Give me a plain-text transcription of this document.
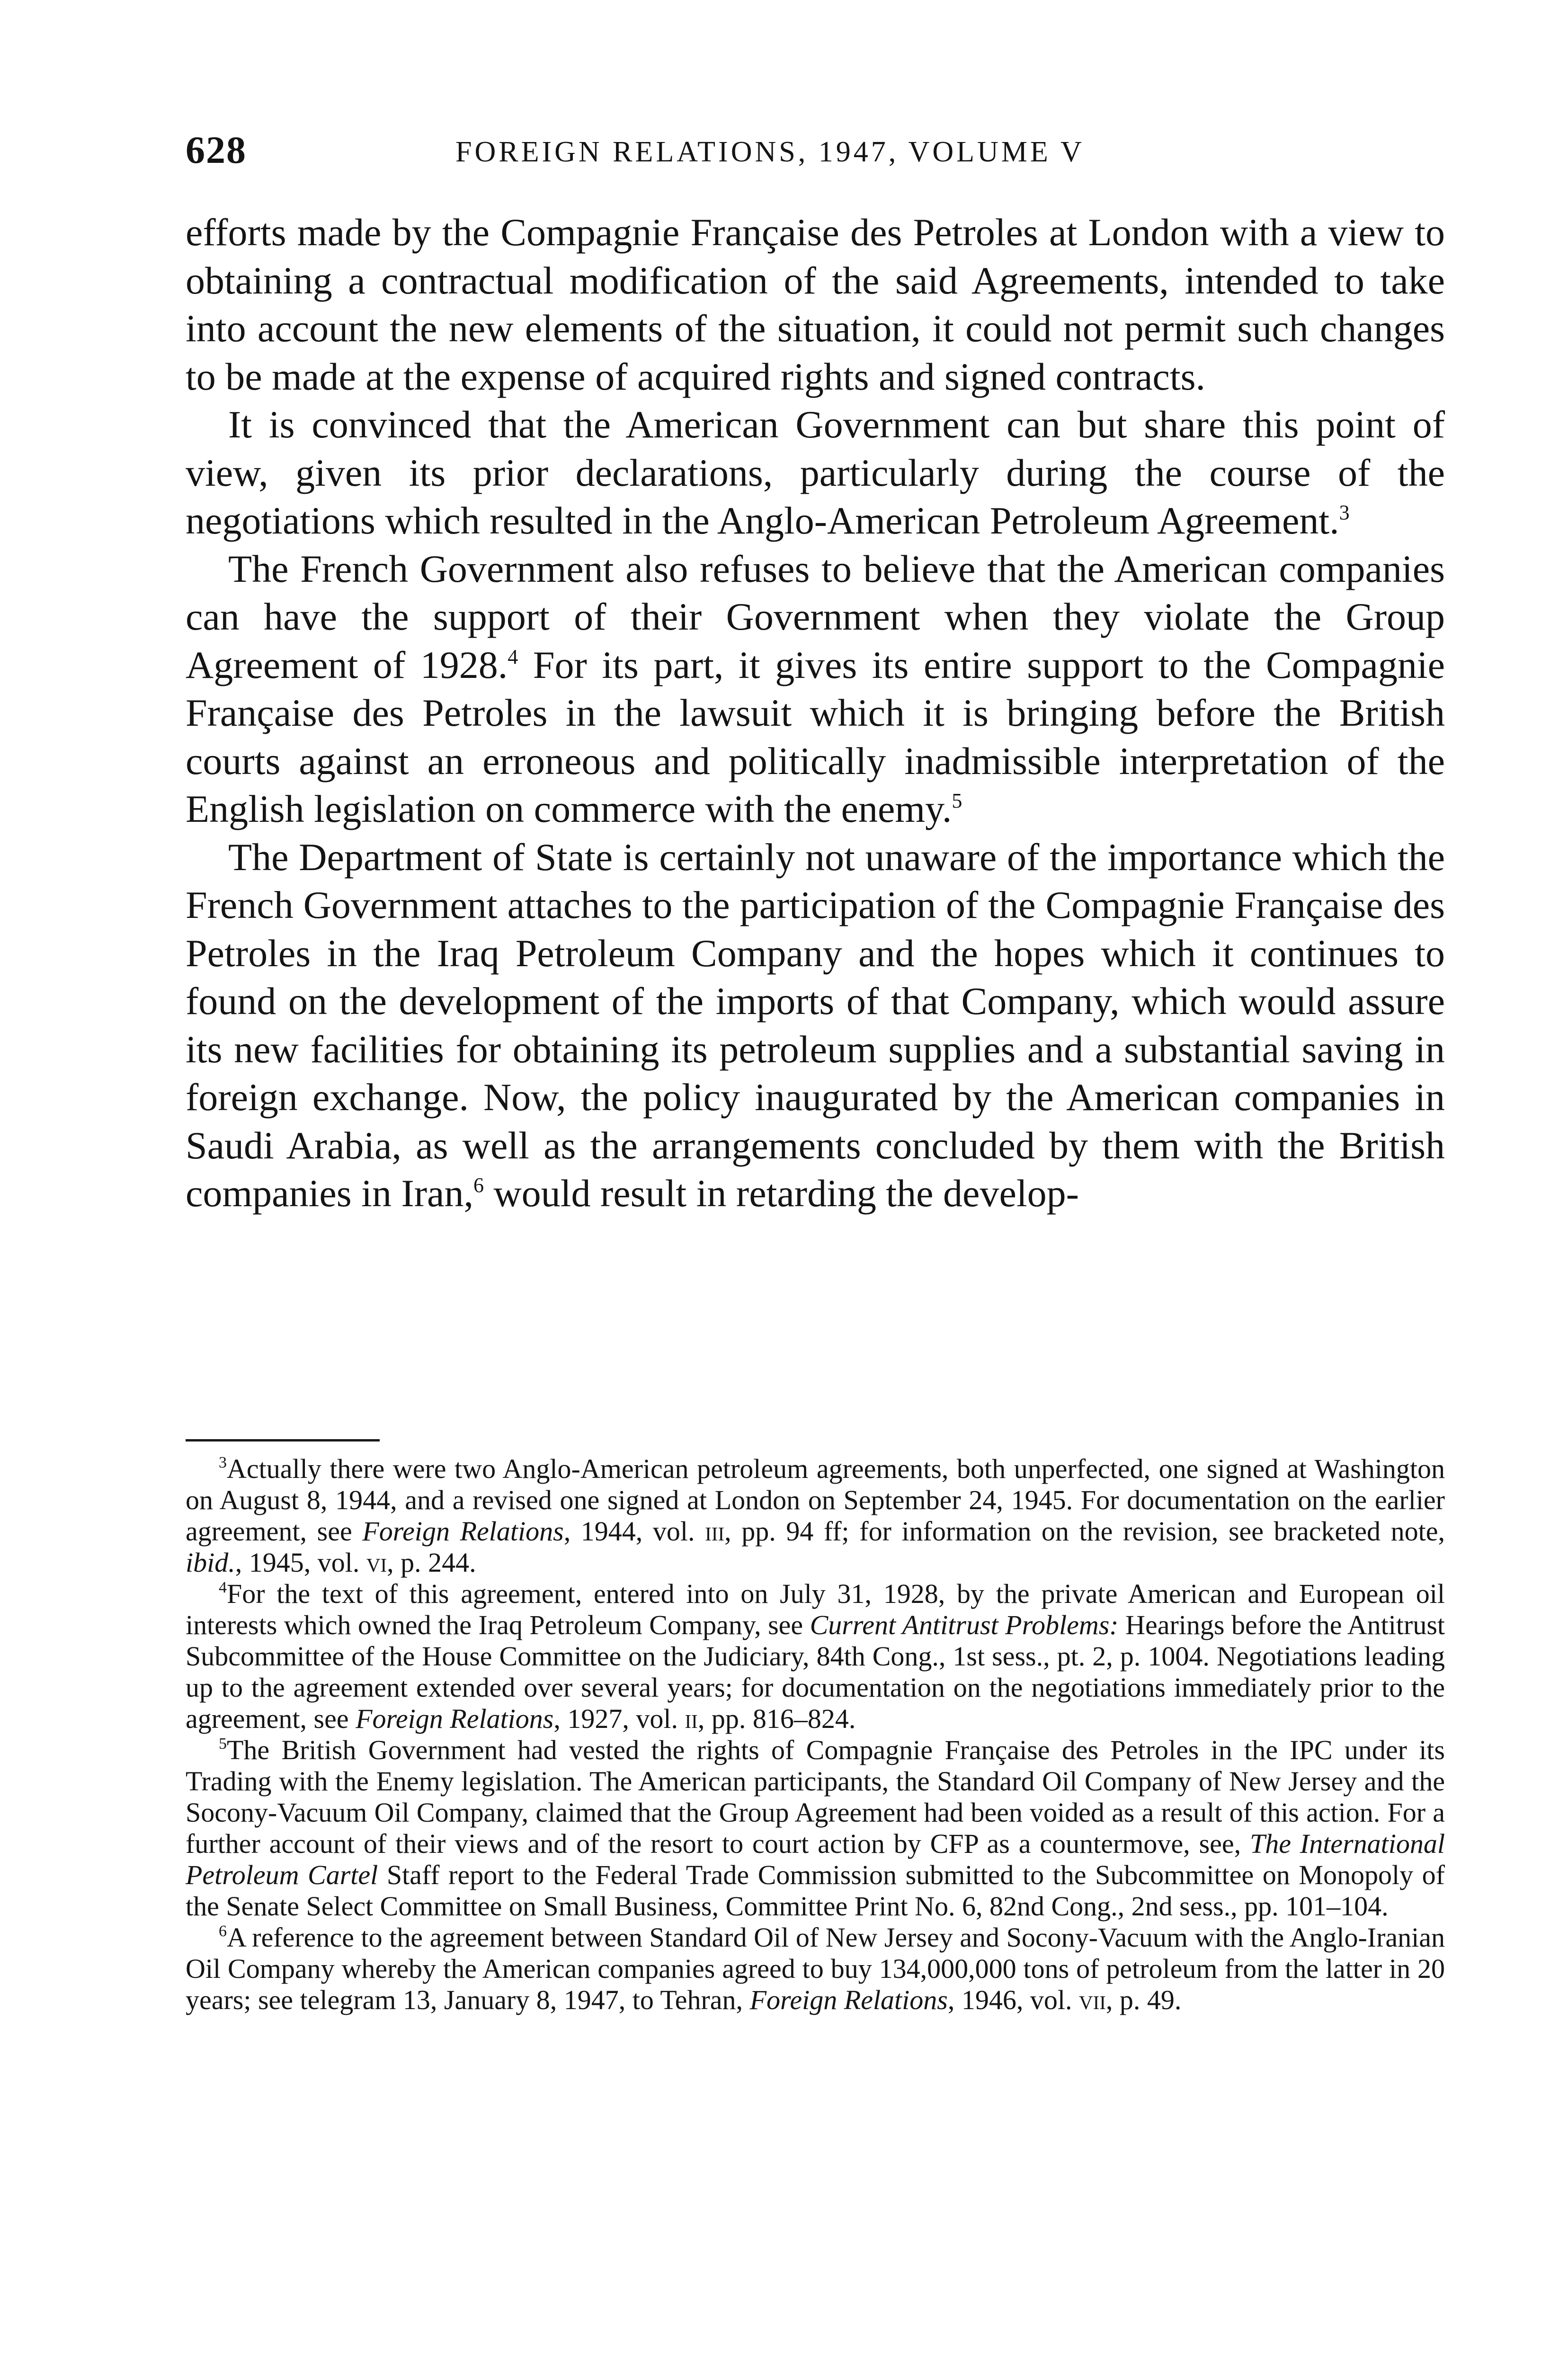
628	FOREIGN RELATIONS, 1947, VOLUME V

efforts made by the Compagnie Française des Petroles at London with a view to obtaining a contractual modification of the said Agreements, intended to take into account the new elements of the situation, it could not permit such changes to be made at the expense of acquired rights and signed contracts.

It is convinced that the American Government can but share this point of view, given its prior declarations, particularly during the course of the negotiations which resulted in the Anglo-American Petroleum Agreement.$^3$

The French Government also refuses to believe that the American companies can have the support of their Government when they violate the Group Agreement of 1928.$^4$ For its part, it gives its entire support to the Compagnie Française des Petroles in the lawsuit which it is bringing before the British courts against an erroneous and politically inadmissible interpretation of the English legislation on commerce with the enemy.$^5$

The Department of State is certainly not unaware of the importance which the French Government attaches to the participation of the Compagnie Française des Petroles in the Iraq Petroleum Company and the hopes which it continues to found on the development of the imports of that Company, which would assure its new facilities for obtaining its petroleum supplies and a substantial saving in foreign exchange. Now, the policy inaugurated by the American companies in Saudi Arabia, as well as the arrangements concluded by them with the British companies in Iran,$^6$ would result in retarding the develop-

$^3$Actually there were two Anglo-American petroleum agreements, both unperfected, one signed at Washington on August 8, 1944, and a revised one signed at London on September 24, 1945. For documentation on the earlier agreement, see Foreign Relations, 1944, vol. iii, pp. 94 ff; for information on the revision, see bracketed note, ibid., 1945, vol. vi, p. 244.

$^4$For the text of this agreement, entered into on July 31, 1928, by the private American and European oil interests which owned the Iraq Petroleum Company, see Current Antitrust Problems: Hearings before the Antitrust Subcommittee of the House Committee on the Judiciary, 84th Cong., 1st sess., pt. 2, p. 1004. Negotiations leading up to the agreement extended over several years; for documentation on the negotiations immediately prior to the agreement, see Foreign Relations, 1927, vol. ii, pp. 816–824.

$^5$The British Government had vested the rights of Compagnie Française des Petroles in the IPC under its Trading with the Enemy legislation. The American participants, the Standard Oil Company of New Jersey and the Socony-Vacuum Oil Company, claimed that the Group Agreement had been voided as a result of this action. For a further account of their views and of the resort to court action by CFP as a countermove, see, The International Petroleum Cartel Staff report to the Federal Trade Commission submitted to the Subcommittee on Monopoly of the Senate Select Committee on Small Business, Committee Print No. 6, 82nd Cong., 2nd sess., pp. 101–104.

$^6$A reference to the agreement between Standard Oil of New Jersey and Socony-Vacuum with the Anglo-Iranian Oil Company whereby the American companies agreed to buy 134,000,000 tons of petroleum from the latter in 20 years; see telegram 13, January 8, 1947, to Tehran, Foreign Relations, 1946, vol. vii, p. 49.
